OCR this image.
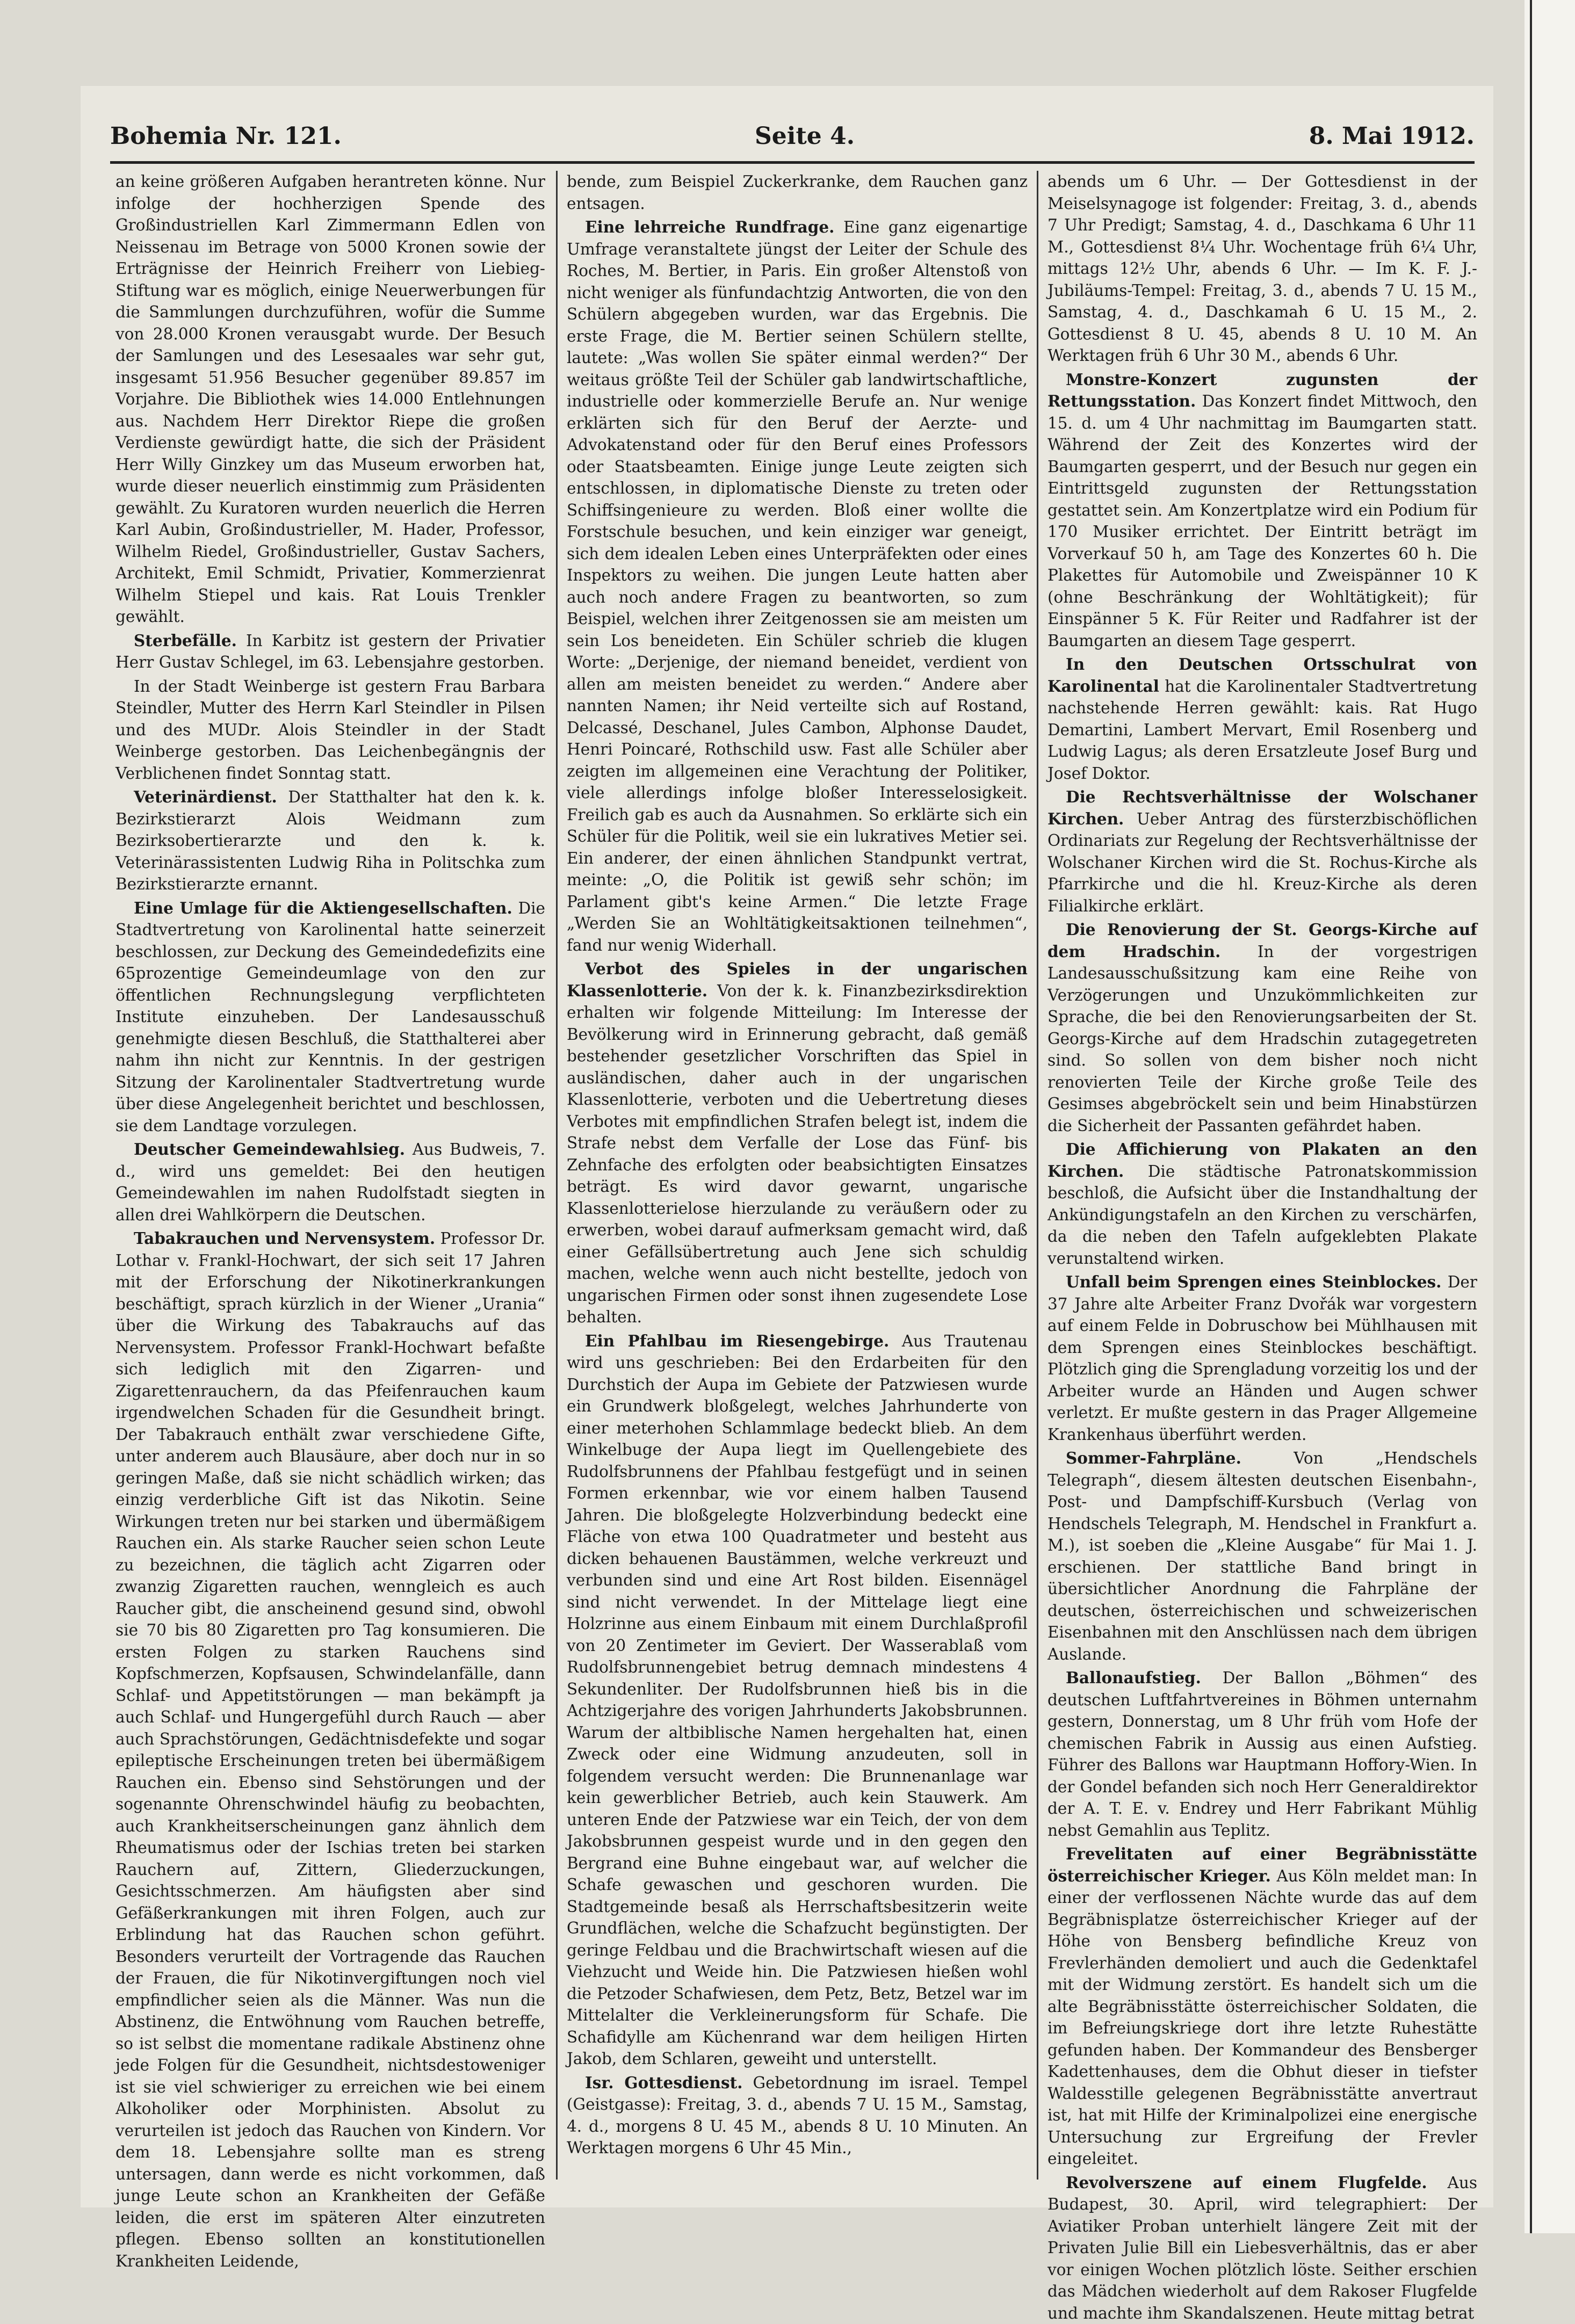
Bohemia Nr. 121.	Seite 4.	8. Mai 1912.

an keine größeren Aufgaben herantreten könne. Nur infolge der hochherzigen Spende des Großindustriellen Karl Zimmermann Edlen von Neissenau im Betrage von 5000 Kronen sowie der Erträgnisse der Heinrich Freiherr von Liebieg-Stiftung war es möglich, einige Neuerwerbungen für die Sammlungen durchzuführen, wofür die Summe von 28.000 Kronen verausgabt wurde. Der Besuch der Samlungen und des Lesesaales war sehr gut, insgesamt 51.956 Besucher gegenüber 89.857 im Vorjahre. Die Bibliothek wies 14.000 Entlehnungen aus. Nachdem Herr Direktor Riepe die großen Verdienste gewürdigt hatte, die sich der Präsident Herr Willy Ginzkey um das Museum erworben hat, wurde dieser neuerlich einstimmig zum Präsidenten gewählt. Zu Kuratoren wurden neuerlich die Herren Karl Aubin, Großindustrieller, M. Hader, Professor, Wilhelm Riedel, Großindustrieller, Gustav Sachers, Architekt, Emil Schmidt, Privatier, Kommerzienrat Wilhelm Stiepel und kais. Rat Louis Trenkler gewählt.

Sterbefälle. In Karbitz ist gestern der Privatier Herr Gustav Schlegel, im 63. Lebensjahre gestorben.

In der Stadt Weinberge ist gestern Frau Barbara Steindler, Mutter des Herrn Karl Steindler in Pilsen und des MUDr. Alois Steindler in der Stadt Weinberge gestorben. Das Leichenbegängnis der Verblichenen findet Sonntag statt.

Veterinärdienst. Der Statthalter hat den k. k. Bezirkstierarzt Alois Weidmann zum Bezirksobertierarzte und den k. k. Veterinärassistenten Ludwig Riha in Politschka zum Bezirkstierarzte ernannt.

Eine Umlage für die Aktiengesellschaften. Die Stadtvertretung von Karolinental hatte seinerzeit beschlossen, zur Deckung des Gemeindedefizits eine 65prozentige Gemeindeumlage von den zur öffentlichen Rechnungslegung verpflichteten Institute einzuheben. Der Landesausschuß genehmigte diesen Beschluß, die Statthalterei aber nahm ihn nicht zur Kenntnis. In der gestrigen Sitzung der Karolinentaler Stadtvertretung wurde über diese Angelegenheit berichtet und beschlossen, sie dem Landtage vorzulegen.

Deutscher Gemeindewahlsieg. Aus Budweis, 7. d., wird uns gemeldet: Bei den heutigen Gemeindewahlen im nahen Rudolfstadt siegten in allen drei Wahlkörpern die Deutschen.

Tabakrauchen und Nervensystem. Professor Dr. Lothar v. Frankl-Hochwart, der sich seit 17 Jahren mit der Erforschung der Nikotinerkrankungen beschäftigt, sprach kürzlich in der Wiener „Urania“ über die Wirkung des Tabakrauchs auf das Nervensystem. Professor Frankl-Hochwart befaßte sich lediglich mit den Zigarren- und Zigarettenrauchern, da das Pfeifenrauchen kaum irgendwelchen Schaden für die Gesundheit bringt. Der Tabakrauch enthält zwar verschiedene Gifte, unter anderem auch Blausäure, aber doch nur in so geringen Maße, daß sie nicht schädlich wirken; das einzig verderbliche Gift ist das Nikotin. Seine Wirkungen treten nur bei starken und übermäßigem Rauchen ein. Als starke Raucher seien schon Leute zu bezeichnen, die täglich acht Zigarren oder zwanzig Zigaretten rauchen, wenngleich es auch Raucher gibt, die anscheinend gesund sind, obwohl sie 70 bis 80 Zigaretten pro Tag konsumieren. Die ersten Folgen zu starken Rauchens sind Kopfschmerzen, Kopfsausen, Schwindelanfälle, dann Schlaf- und Appetitstörungen — man bekämpft ja auch Schlaf- und Hungergefühl durch Rauch — aber auch Sprachstörungen, Gedächtnisdefekte und sogar epileptische Erscheinungen treten bei übermäßigem Rauchen ein. Ebenso sind Sehstörungen und der sogenannte Ohrenschwindel häufig zu beobachten, auch Krankheitserscheinungen ganz ähnlich dem Rheumatismus oder der Ischias treten bei starken Rauchern auf, Zittern, Gliederzuckungen, Gesichtsschmerzen. Am häufigsten aber sind Gefäßerkrankungen mit ihren Folgen, auch zur Erblindung hat das Rauchen schon geführt. Besonders verurteilt der Vortragende das Rauchen der Frauen, die für Nikotinvergiftungen noch viel empfindlicher seien als die Männer. Was nun die Abstinenz, die Entwöhnung vom Rauchen betreffe, so ist selbst die momentane radikale Abstinenz ohne jede Folgen für die Gesundheit, nichtsdestoweniger ist sie viel schwieriger zu erreichen wie bei einem Alkoholiker oder Morphinisten. Absolut zu verurteilen ist jedoch das Rauchen von Kindern. Vor dem 18. Lebensjahre sollte man es streng untersagen, dann werde es nicht vorkommen, daß junge Leute schon an Krankheiten der Gefäße leiden, die erst im späteren Alter einzutreten pflegen. Ebenso sollten an konstitutionellen Krankheiten Leidende,

bende, zum Beispiel Zuckerkranke, dem Rauchen ganz entsagen.

Eine lehrreiche Rundfrage. Eine ganz eigenartige Umfrage veranstaltete jüngst der Leiter der Schule des Roches, M. Bertier, in Paris. Ein großer Altenstoß von nicht weniger als fünfundachtzig Antworten, die von den Schülern abgegeben wurden, war das Ergebnis. Die erste Frage, die M. Bertier seinen Schülern stellte, lautete: „Was wollen Sie später einmal werden?“ Der weitaus größte Teil der Schüler gab landwirtschaftliche, industrielle oder kommerzielle Berufe an. Nur wenige erklärten sich für den Beruf der Aerzte- und Advokatenstand oder für den Beruf eines Professors oder Staatsbeamten. Einige junge Leute zeigten sich entschlossen, in diplomatische Dienste zu treten oder Schiffsingenieure zu werden. Bloß einer wollte die Forstschule besuchen, und kein einziger war geneigt, sich dem idealen Leben eines Unterpräfekten oder eines Inspektors zu weihen. Die jungen Leute hatten aber auch noch andere Fragen zu beantworten, so zum Beispiel, welchen ihrer Zeitgenossen sie am meisten um sein Los beneideten. Ein Schüler schrieb die klugen Worte: „Derjenige, der niemand beneidet, verdient von allen am meisten beneidet zu werden.“ Andere aber nannten Namen; ihr Neid verteilte sich auf Rostand, Delcassé, Deschanel, Jules Cambon, Alphonse Daudet, Henri Poincaré, Rothschild usw. Fast alle Schüler aber zeigten im allgemeinen eine Verachtung der Politiker, viele allerdings infolge bloßer Interesselosigkeit. Freilich gab es auch da Ausnahmen. So erklärte sich ein Schüler für die Politik, weil sie ein lukratives Metier sei. Ein anderer, der einen ähnlichen Standpunkt vertrat, meinte: „O, die Politik ist gewiß sehr schön; im Parlament gibt's keine Armen.“ Die letzte Frage „Werden Sie an Wohltätigkeitsaktionen teilnehmen“, fand nur wenig Widerhall.

Verbot des Spieles in der ungarischen Klassenlotterie. Von der k. k. Finanzbezirksdirektion erhalten wir folgende Mitteilung: Im Interesse der Bevölkerung wird in Erinnerung gebracht, daß gemäß bestehender gesetzlicher Vorschriften das Spiel in ausländischen, daher auch in der ungarischen Klassenlotterie, verboten und die Uebertretung dieses Verbotes mit empfindlichen Strafen belegt ist, indem die Strafe nebst dem Verfalle der Lose das Fünf- bis Zehnfache des erfolgten oder beabsichtigten Einsatzes beträgt. Es wird davor gewarnt, ungarische Klassenlotterielose hierzulande zu veräußern oder zu erwerben, wobei darauf aufmerksam gemacht wird, daß einer Gefällsübertretung auch Jene sich schuldig machen, welche wenn auch nicht bestellte, jedoch von ungarischen Firmen oder sonst ihnen zugesendete Lose behalten.

Ein Pfahlbau im Riesengebirge. Aus Trautenau wird uns geschrieben: Bei den Erdarbeiten für den Durchstich der Aupa im Gebiete der Patzwiesen wurde ein Grundwerk bloßgelegt, welches Jahrhunderte von einer meterhohen Schlammlage bedeckt blieb. An dem Winkelbuge der Aupa liegt im Quellengebiete des Rudolfsbrunnens der Pfahlbau festgefügt und in seinen Formen erkennbar, wie vor einem halben Tausend Jahren. Die bloßgelegte Holzverbindung bedeckt eine Fläche von etwa 100 Quadratmeter und besteht aus dicken behauenen Baustämmen, welche verkreuzt und verbunden sind und eine Art Rost bilden. Eisennägel sind nicht verwendet. In der Mittelage liegt eine Holzrinne aus einem Einbaum mit einem Durchlaßprofil von 20 Zentimeter im Geviert. Der Wasserablaß vom Rudolfsbrunnengebiet betrug demnach mindestens 4 Sekundenliter. Der Rudolfsbrunnen hieß bis in die Achtzigerjahre des vorigen Jahrhunderts Jakobsbrunnen. Warum der altbiblische Namen hergehalten hat, einen Zweck oder eine Widmung anzudeuten, soll in folgendem versucht werden: Die Brunnenanlage war kein gewerblicher Betrieb, auch kein Stauwerk. Am unteren Ende der Patzwiese war ein Teich, der von dem Jakobsbrunnen gespeist wurde und in den gegen den Bergrand eine Buhne eingebaut war, auf welcher die Schafe gewaschen und geschoren wurden. Die Stadtgemeinde besaß als Herrschaftsbesitzerin weite Grundflächen, welche die Schafzucht begünstigten. Der geringe Feldbau und die Brachwirtschaft wiesen auf die Viehzucht und Weide hin. Die Patzwiesen hießen wohl die Petzoder Schafwiesen, dem Petz, Betz, Betzel war im Mittelalter die Verkleinerungsform für Schafe. Die Schafidylle am Küchenrand war dem heiligen Hirten Jakob, dem Schlaren, geweiht und unterstellt.

Isr. Gottesdienst. Gebetordnung im israel. Tempel (Geistgasse): Freitag, 3. d., abends 7 U. 15 M., Samstag, 4. d., morgens 8 U. 45 M., abends 8 U. 10 Minuten. An Werktagen morgens 6 Uhr 45 Min.,

abends um 6 Uhr. — Der Gottesdienst in der Meiselsynagoge ist folgender: Freitag, 3. d., abends 7 Uhr Predigt; Samstag, 4. d., Daschkama 6 Uhr 11 M., Gottesdienst 8¼ Uhr. Wochentage früh 6¼ Uhr, mittags 12½ Uhr, abends 6 Uhr. — Im K. F. J.-Jubiläums-Tempel: Freitag, 3. d., abends 7 U. 15 M., Samstag, 4. d., Daschkamah 6 U. 15 M., 2. Gottesdienst 8 U. 45, abends 8 U. 10 M. An Werktagen früh 6 Uhr 30 M., abends 6 Uhr.

Monstre-Konzert zugunsten der Rettungsstation. Das Konzert findet Mittwoch, den 15. d. um 4 Uhr nachmittag im Baumgarten statt. Während der Zeit des Konzertes wird der Baumgarten gesperrt, und der Besuch nur gegen ein Eintrittsgeld zugunsten der Rettungsstation gestattet sein. Am Konzertplatze wird ein Podium für 170 Musiker errichtet. Der Eintritt beträgt im Vorverkauf 50 h, am Tage des Konzertes 60 h. Die Plakettes für Automobile und Zweispänner 10 K (ohne Beschränkung der Wohltätigkeit); für Einspänner 5 K. Für Reiter und Radfahrer ist der Baumgarten an diesem Tage gesperrt.

In den Deutschen Ortsschulrat von Karolinental hat die Karolinentaler Stadtvertretung nachstehende Herren gewählt: kais. Rat Hugo Demartini, Lambert Mervart, Emil Rosenberg und Ludwig Lagus; als deren Ersatzleute Josef Burg und Josef Doktor.

Die Rechtsverhältnisse der Wolschaner Kirchen. Ueber Antrag des fürsterzbischöflichen Ordinariats zur Regelung der Rechtsverhältnisse der Wolschaner Kirchen wird die St. Rochus-Kirche als Pfarrkirche und die hl. Kreuz-Kirche als deren Filialkirche erklärt.

Die Renovierung der St. Georgs-Kirche auf dem Hradschin. In der vorgestrigen Landesausschußsitzung kam eine Reihe von Verzögerungen und Unzukömmlichkeiten zur Sprache, die bei den Renovierungsarbeiten der St. Georgs-Kirche auf dem Hradschin zutagegetreten sind. So sollen von dem bisher noch nicht renovierten Teile der Kirche große Teile des Gesimses abgebröckelt sein und beim Hinabstürzen die Sicherheit der Passanten gefährdet haben.

Die Affichierung von Plakaten an den Kirchen. Die städtische Patronatskommission beschloß, die Aufsicht über die Instandhaltung der Ankündigungstafeln an den Kirchen zu verschärfen, da die neben den Tafeln aufgeklebten Plakate verunstaltend wirken.

Unfall beim Sprengen eines Steinblockes. Der 37 Jahre alte Arbeiter Franz Dvořák war vorgestern auf einem Felde in Dobruschow bei Mühlhausen mit dem Sprengen eines Steinblockes beschäftigt. Plötzlich ging die Sprengladung vorzeitig los und der Arbeiter wurde an Händen und Augen schwer verletzt. Er mußte gestern in das Prager Allgemeine Krankenhaus überführt werden.

Sommer-Fahrpläne.	Von „Hendschels Telegraph“, diesem ältesten deutschen Eisenbahn-, Post- und Dampfschiff-Kursbuch (Verlag von Hendschels Telegraph, M. Hendschel in Frankfurt a. M.), ist soeben die „Kleine Ausgabe“ für Mai 1. J. erschienen. Der stattliche Band bringt in übersichtlicher Anordnung die Fahrpläne der deutschen, österreichischen und schweizerischen Eisenbahnen mit den Anschlüssen nach dem übrigen Auslande.

Ballonaufstieg. Der Ballon „Böhmen“ des deutschen Luftfahrtvereines in Böhmen unternahm gestern, Donnerstag, um 8 Uhr früh vom Hofe der chemischen Fabrik in Aussig aus einen Aufstieg. Führer des Ballons war Hauptmann Hoffory-Wien. In der Gondel befanden sich noch Herr Generaldirektor der A. T. E. v. Endrey und Herr Fabrikant Mühlig nebst Gemahlin aus Teplitz.

Frevelitaten auf einer Begräbnisstätte österreichischer Krieger. Aus Köln meldet man: In einer der verflossenen Nächte wurde das auf dem Begräbnisplatze österreichischer Krieger auf der Höhe von Bensberg befindliche Kreuz von Frevlerhänden demoliert und auch die Gedenktafel mit der Widmung zerstört. Es handelt sich um die alte Begräbnisstätte österreichischer Soldaten, die im Befreiungskriege dort ihre letzte Ruhestätte gefunden haben. Der Kommandeur des Bensberger Kadettenhauses, dem die Obhut dieser in tiefster Waldesstille gelegenen Begräbnisstätte anvertraut ist, hat mit Hilfe der Kriminalpolizei eine energische Untersuchung zur Ergreifung der Frevler eingeleitet.

Revolverszene auf einem Flugfelde. Aus Budapest, 30. April, wird telegraphiert: Der Aviatiker Proban unterhielt längere Zeit mit der Privaten Julie Bill ein Liebesverhältnis, das er aber vor einigen Wochen plötzlich löste. Seither erschien das Mädchen wiederholt auf dem Rakoser Flugfelde und machte ihm Skandalszenen. Heute mittag betrat
